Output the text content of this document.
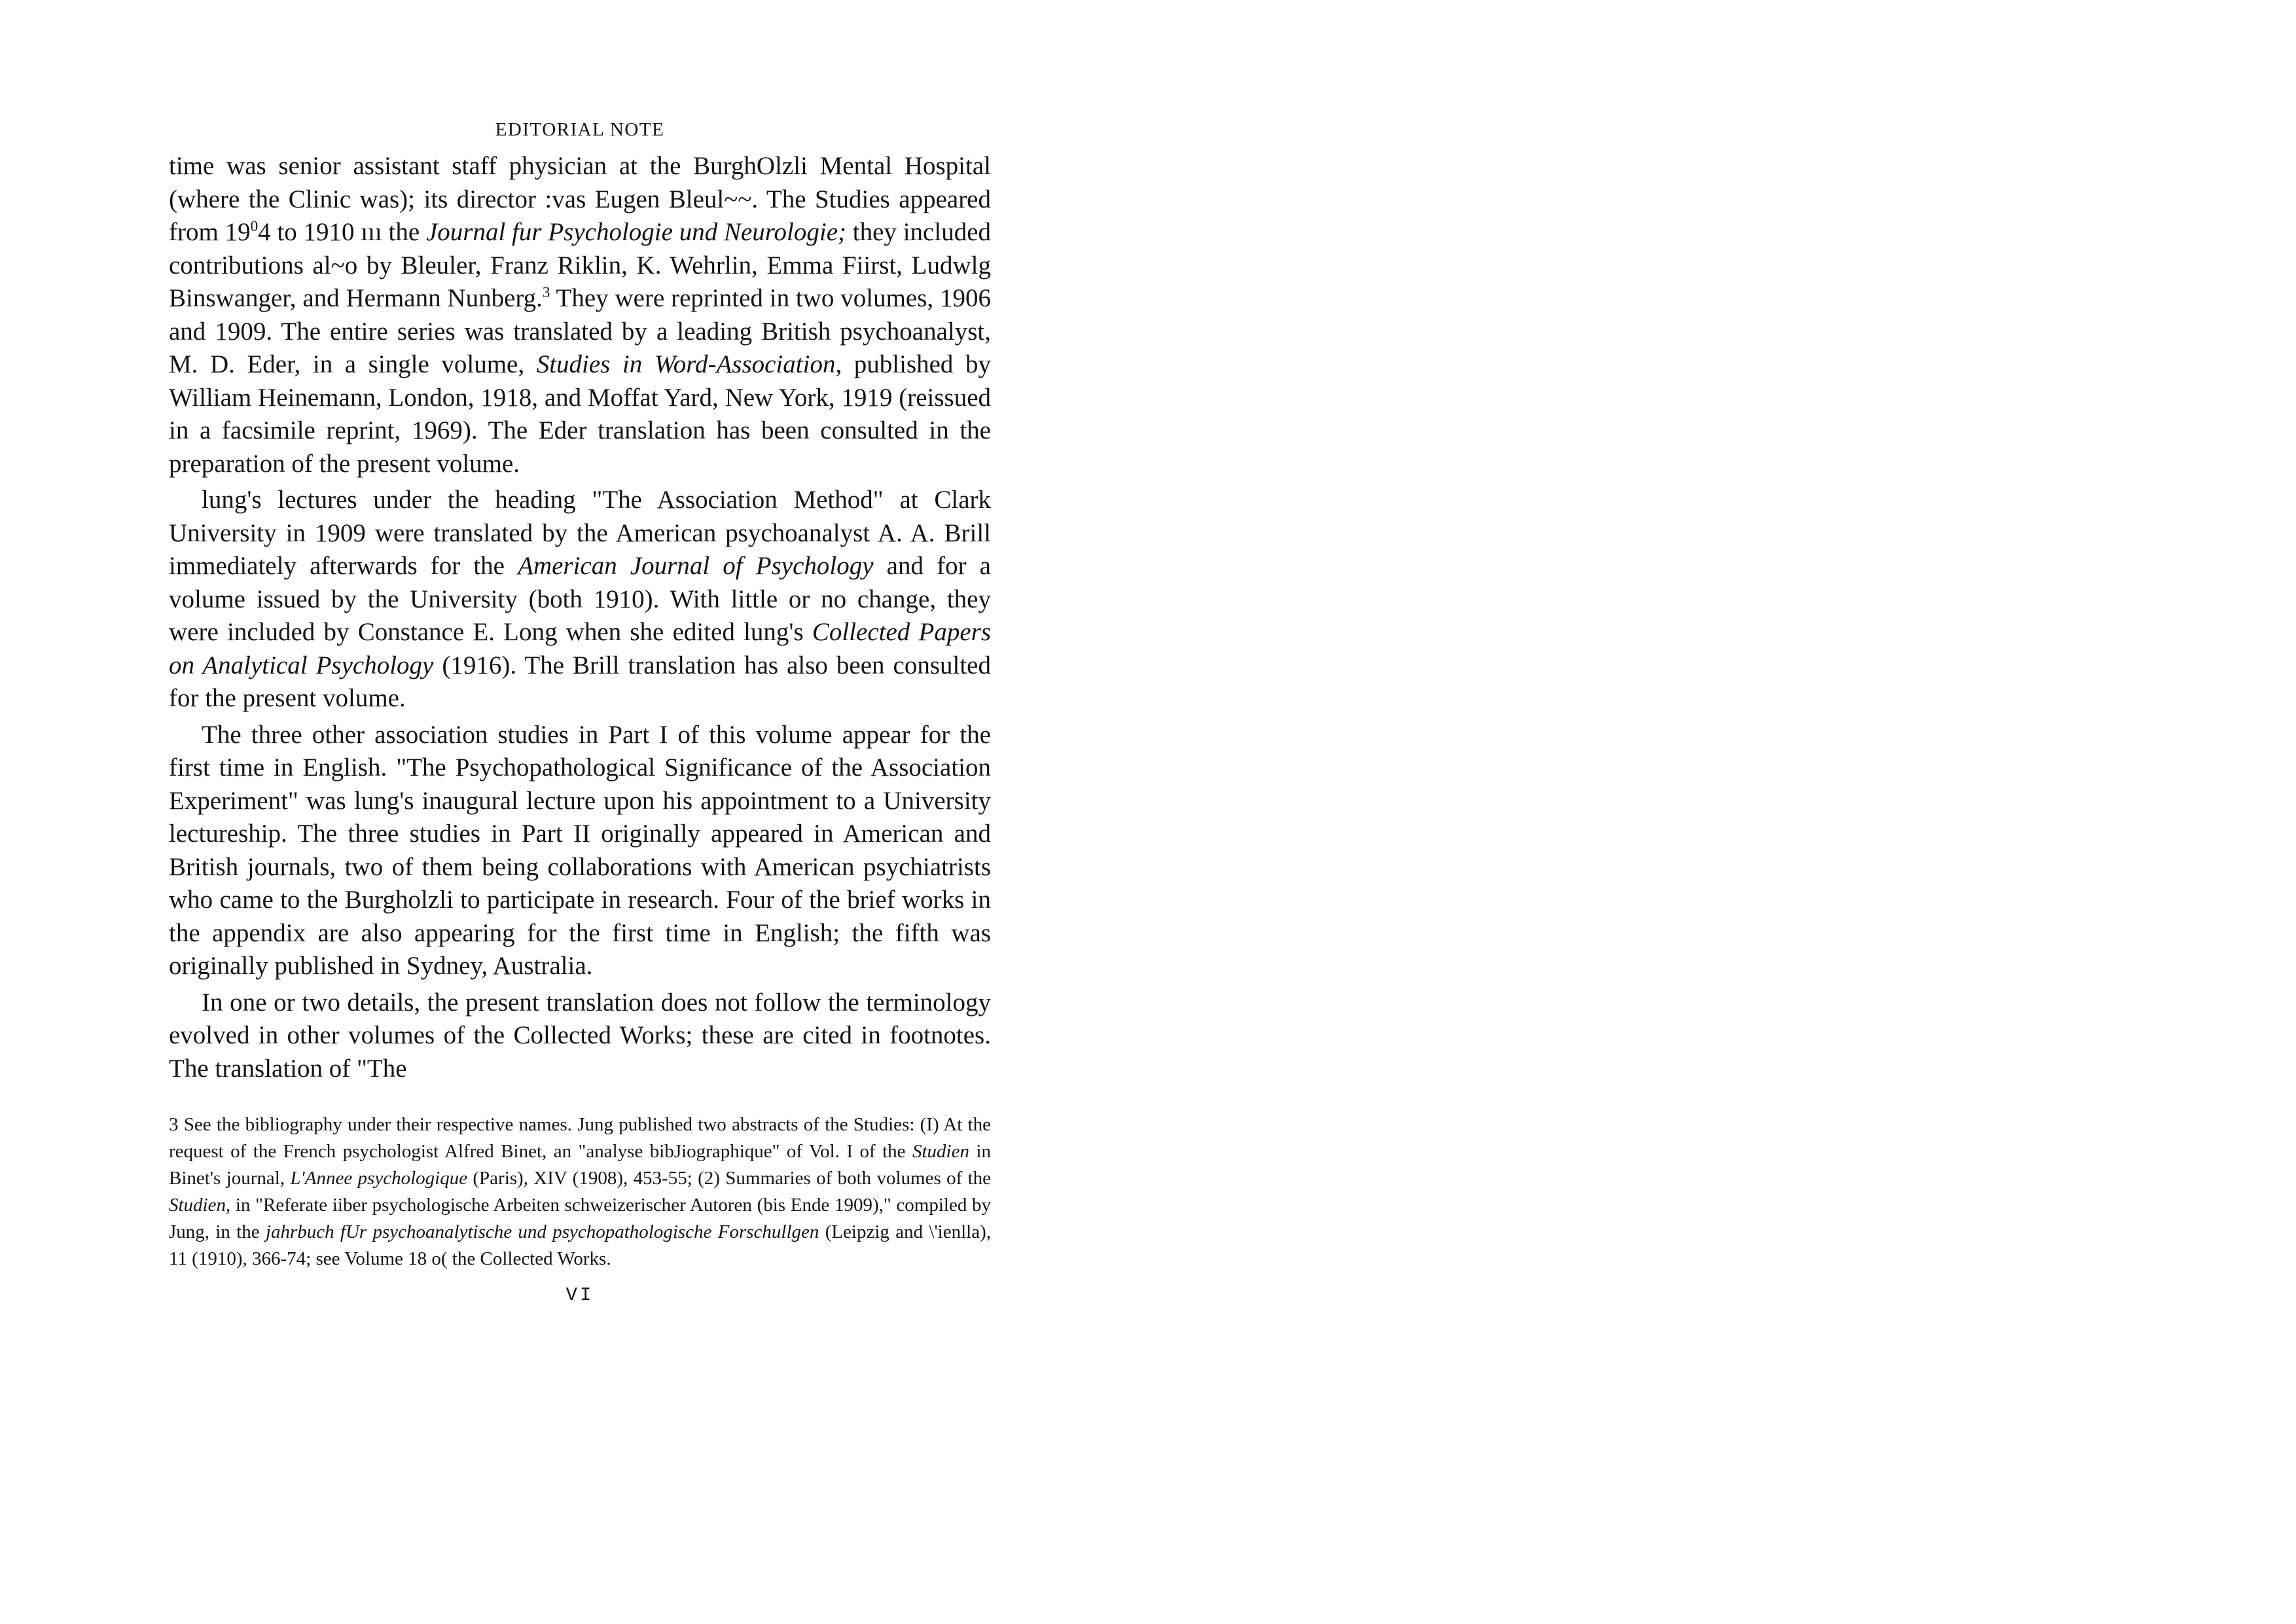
EDITORIAL NOTE

time was senior assistant staff physician at the BurghOlzli Mental Hospital (where the Clinic was); its director :vas Eugen Bleul~~. The Studies appeared from $19^04$ to 1910 ııı the Journal fur Psychologie und Neurologie; they included contributions al~o by Bleuler, Franz Riklin, K. Wehrlin, Emma Fiirst, Ludwlg Binswanger, and Hermann Nunberg.$^3$ They were reprinted in two volumes, 1906 and 1909. The entire series was translated by a leading British psychoanalyst, M. D. Eder, in a single volume, Studies in Word-Association, published by William Heinemann, London, 1918, and Moffat Yard, New York, 1919 (reissued in a facsimile reprint, 1969). The Eder translation has been consulted in the preparation of the present volume.

lung's lectures under the heading "The Association Method" at Clark University in 1909 were translated by the American psychoanalyst A. A. Brill immediately afterwards for the American Journal of Psychology and for a volume issued by the University (both 1910). With little or no change, they were included by Constance E. Long when she edited lung's Collected Papers on Analytical Psychology (1916). The Brill translation has also been consulted for the present volume.

The three other association studies in Part I of this volume appear for the first time in English. "The Psychopathological Significance of the Association Experiment" was lung's inaugural lecture upon his appointment to a University lectureship. The three studies in Part II originally appeared in American and British journals, two of them being collaborations with American psychiatrists who came to the Burgholzli to participate in research. Four of the brief works in the appendix are also appearing for the first time in English; the fifth was originally published in Sydney, Australia.

In one or two details, the present translation does not follow the terminology evolved in other volumes of the Collected Works; these are cited in footnotes. The translation of "The

3 See the bibliography under their respective names. Jung published two abstracts of the Studies: (I) At the request of the French psychologist Alfred Binet, an "analyse bibJiographique" of Vol. I of the Studien in Binet's journal, L'Annee psychologique (Paris), XIV (1908), 453-55; (2) Summaries of both volumes of the Studien, in "Referate iiber psychologische Arbeiten schweizerischer Autoren (bis Ende 1909)," compiled by Jung, in the jahrbuch fUr psychoanalytische und psychopathologische Forschullgen (Leipzig and \'ienlla), 11 (1910), 366-74; see Volume 18 o( the Collected Works.

VI
